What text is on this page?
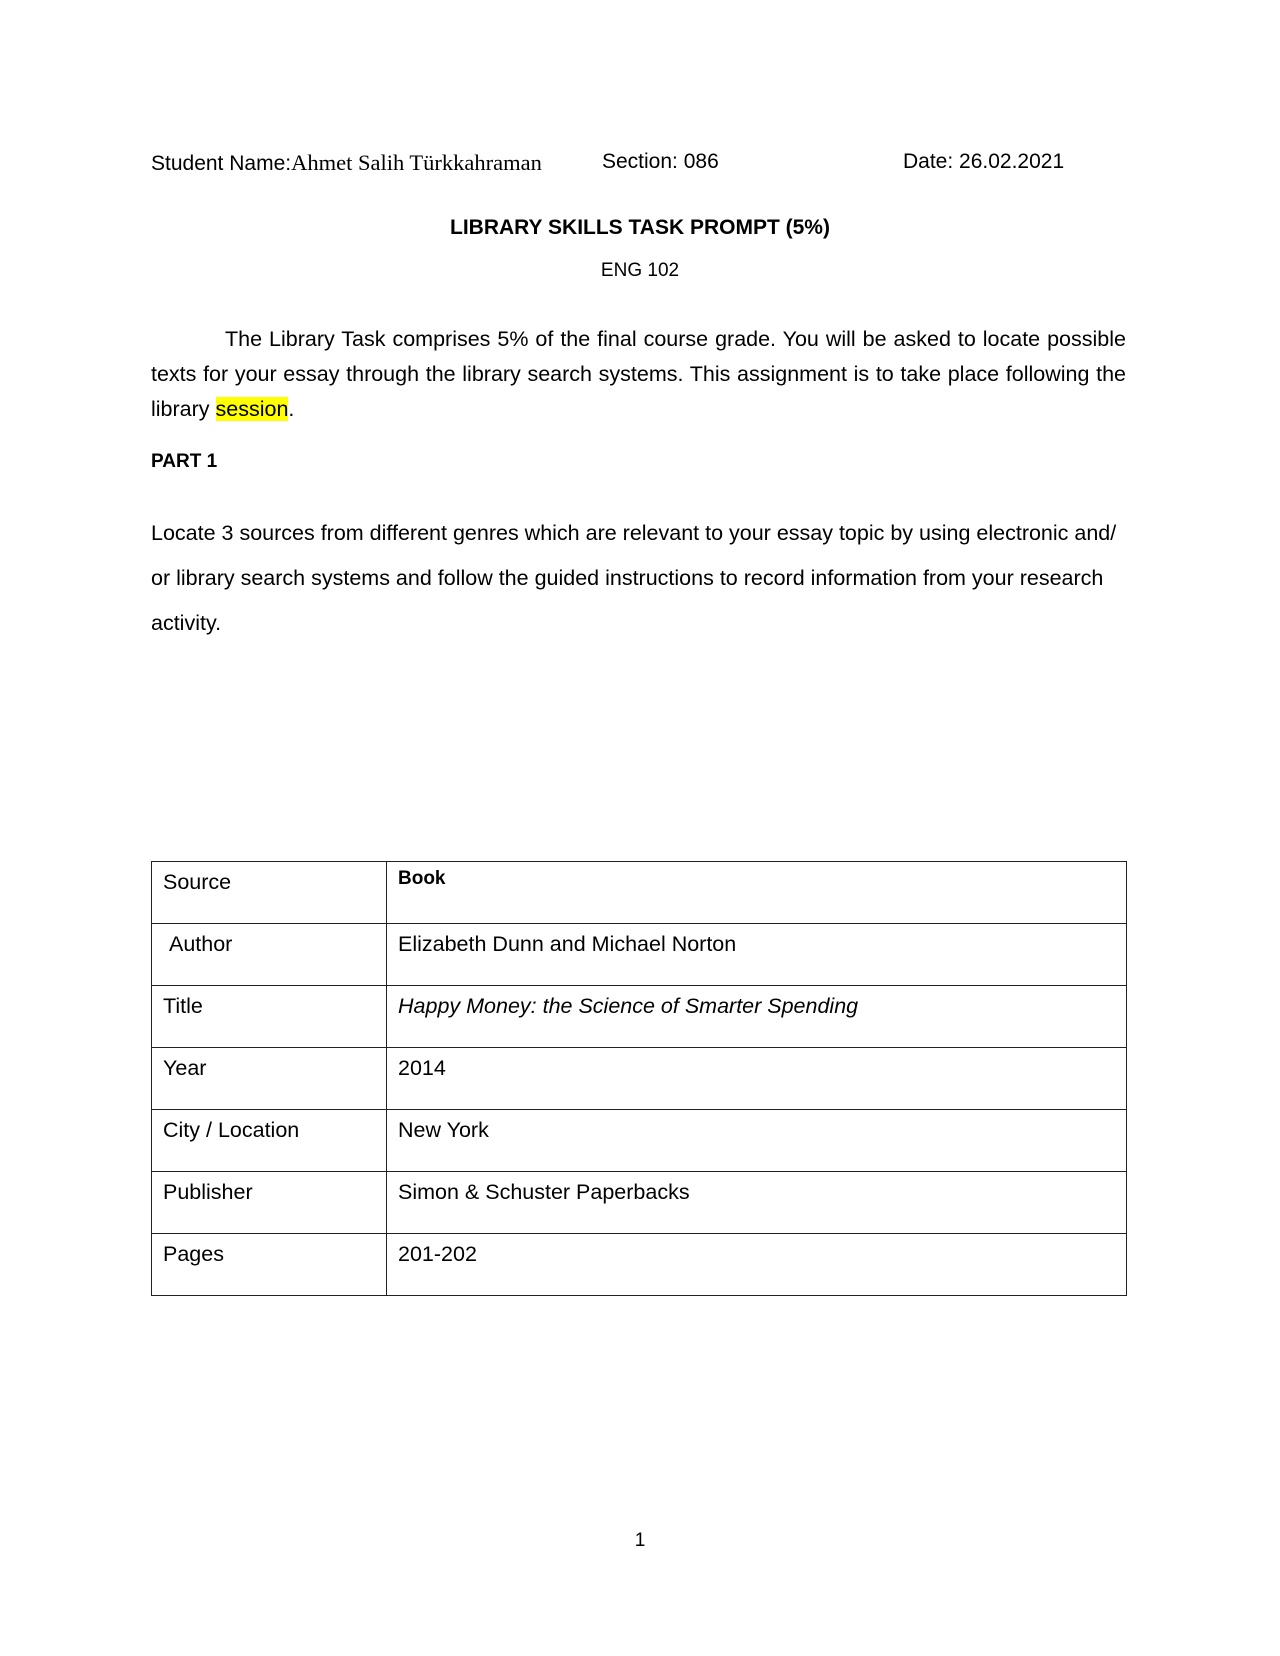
Student Name:Ahmet Salih Türkkahraman	Section: 086	Date: 26.02.2021
LIBRARY SKILLS TASK PROMPT (5%)
ENG 102
The Library Task comprises 5% of the final course grade. You will be asked to locate possible texts for your essay through the library search systems. This assignment is to take place following the library session.
PART 1
Locate 3 sources from different genres which are relevant to your essay topic by using electronic and/ or library search systems and follow the guided instructions to record information from your research activity.
Source	Book
Author	Elizabeth Dunn and Michael Norton
Title	Happy Money: the Science of Smarter Spending
Year	2014
City / Location	New York
Publisher	Simon & Schuster Paperbacks
Pages	201-202
1
